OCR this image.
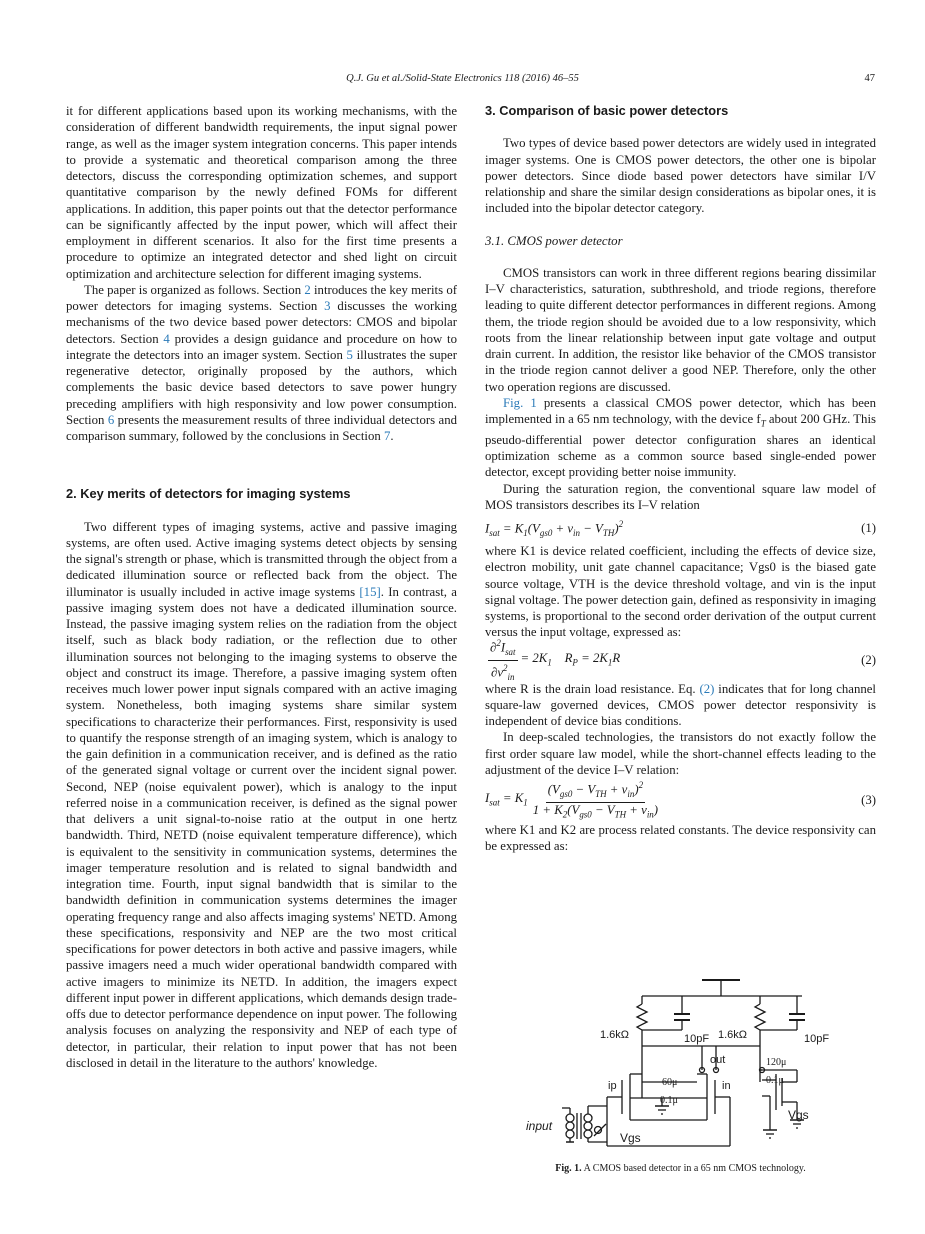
Q.J. Gu et al./Solid-State Electronics 118 (2016) 46–55	47

it for different applications based upon its working mechanisms, with the consideration of different bandwidth requirements, the input signal power range, as well as the imager system integration concerns. This paper intends to provide a systematic and theoretical comparison among the three detectors, discuss the corresponding optimization schemes, and support quantitative comparison by the newly defined FOMs for different applications. In addition, this paper points out that the detector performance can be significantly affected by the input power, which will affect their employment in different scenarios. It also for the first time presents a procedure to optimize an integrated detector and shed light on circuit optimization and architecture selection for different imaging systems.

The paper is organized as follows. Section 2 introduces the key merits of power detectors for imaging systems. Section 3 discusses the working mechanisms of the two device based power detectors: CMOS and bipolar detectors. Section 4 provides a design guidance and procedure on how to integrate the detectors into an imager system. Section 5 illustrates the super regenerative detector, originally proposed by the authors, which complements the basic device based detectors to save power hungry preceding amplifiers with high responsivity and low power consumption. Section 6 presents the measurement results of three individual detectors and comparison summary, followed by the conclusions in Section 7.

2. Key merits of detectors for imaging systems

Two different types of imaging systems, active and passive imaging systems, are often used. Active imaging systems detect objects by sensing the signal's strength or phase, which is transmitted through the object from a dedicated illumination source or reflected back from the object. The illuminator is usually included in active image systems [15]. In contrast, a passive imaging system does not have a dedicated illumination source. Instead, the passive imaging system relies on the radiation from the object itself, such as black body radiation, or the reflection due to other illumination sources not belonging to the imaging systems to observe the object and construct its image. Therefore, a passive imaging system often receives much lower power input signals compared with an active imaging system. Nonetheless, both imaging systems share similar system specifications to characterize their performances. First, responsivity is used to quantify the response strength of an imaging system, which is analogy to the gain definition in a communication receiver, and is defined as the ratio of the generated signal voltage or current over the incident signal power. Second, NEP (noise equivalent power), which is analogy to the input referred noise in a communication receiver, is defined as the signal power that delivers a unit signal-to-noise ratio at the output in one hertz bandwidth. Third, NETD (noise equivalent temperature difference), which is equivalent to the sensitivity in communication systems, determines the imager temperature resolution and is related to signal bandwidth and integration time. Fourth, input signal bandwidth that is similar to the bandwidth definition in communication systems determines the imager operating frequency range and also affects imaging systems' NETD. Among these specifications, responsivity and NEP are the two most critical specifications for power detectors in both active and passive imagers, while passive imagers need a much wider operational bandwidth compared with active imagers to minimize its NETD. In addition, the imagers expect different input power in different applications, which demands design trade-offs due to detector performance dependence on input power. The following analysis focuses on analyzing the responsivity and NEP of each type of detector, in particular, their relation to input power that has not been disclosed in detail in the literature to the authors' knowledge.

3. Comparison of basic power detectors

Two types of device based power detectors are widely used in integrated imager systems. One is CMOS power detectors, the other one is bipolar power detectors. Since diode based power detectors have similar I/V relationship and share the similar design considerations as bipolar ones, it is included into the bipolar detector category.

3.1. CMOS power detector

CMOS transistors can work in three different regions bearing dissimilar I–V characteristics, saturation, subthreshold, and triode regions, therefore leading to quite different detector performances in different regions. Among them, the triode region should be avoided due to a low responsivity, which roots from the linear relationship between input gate voltage and output drain current. In addition, the resistor like behavior of the CMOS transistor in the triode region cannot deliver a good NEP. Therefore, only the other two operation regions are discussed.

Fig. 1 presents a classical CMOS power detector, which has been implemented in a 65 nm technology, with the device $f_T$ about 200 GHz. This pseudo-differential power detector configuration shares an identical optimization scheme as a common source based single-ended power detector, except providing better noise immunity.

During the saturation region, the conventional square law model of MOS transistors describes its I–V relation

$I_{sat} = K_1(V_{gs0} + v_{in} - V_{TH})^2$	(1)

where K1 is device related coefficient, including the effects of device size, electron mobility, unit gate channel capacitance; Vgs0 is the biased gate source voltage, VTH is the device threshold voltage, and vin is the input signal voltage. The power detection gain, defined as responsivity in imaging systems, is proportional to the second order derivation of the output current versus the input voltage, expressed as:

$\frac{\partial^2I_{sat}}{\partial v^2_{in}} = 2K_1$    $R_P = 2K_1R$	(2)

where R is the drain load resistance. Eq. (2) indicates that for long channel square-law governed devices, CMOS power detector responsivity is independent of device bias conditions.

In deep-scaled technologies, the transistors do not exactly follow the first order square law model, while the short-channel effects leading to the adjustment of the device I–V relation:

$I_{sat} = K_1 \frac{(V_{gs0} - V_{TH} + v_{in})^2}{1 + K_2(V_{gs0} - V_{TH} + v_{in})}$	(3)

where K1 and K2 are process related constants. The device responsivity can be expressed as:

1.6kΩ	10pF 1.6kΩ	10pF
out	120μ
0.1μ
60μ
0.1μ
ip	in
Vgs
Vgs
input
Fig. 1. A CMOS based detector in a 65 nm CMOS technology.
